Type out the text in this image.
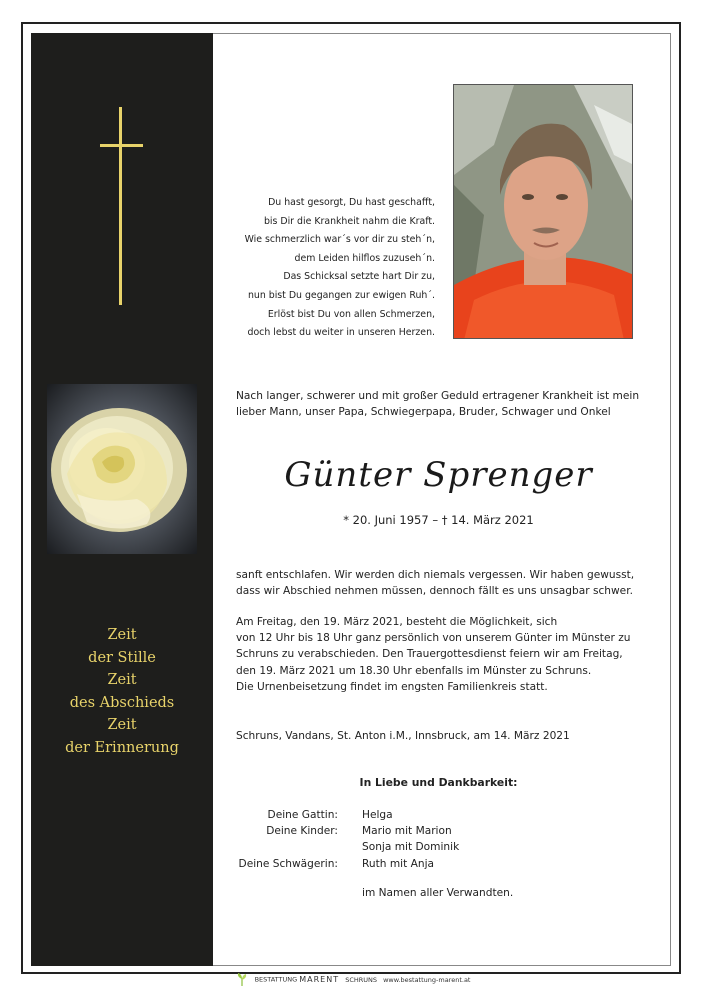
Zeit
der Stille
Zeit
des Abschieds
Zeit
der Erinnerung
Du hast gesorgt, Du hast geschafft,
bis Dir die Krankheit nahm die Kraft.
Wie schmerzlich war´s vor dir zu steh´n,
dem Leiden hilflos zuzuseh´n.
Das Schicksal setzte hart Dir zu,
nun bist Du gegangen zur ewigen Ruh´.
Erlöst bist Du von allen Schmerzen,
doch lebst du weiter in unseren Herzen.
Nach langer, schwerer und mit großer Geduld ertragener Krankheit ist mein
lieber Mann, unser Papa, Schwiegerpapa, Bruder, Schwager und Onkel
Günter Sprenger
* 20. Juni 1957 – † 14. März 2021
sanft entschlafen. Wir werden dich niemals vergessen. Wir haben gewusst,
dass wir Abschied nehmen müssen, dennoch fällt es uns unsagbar schwer.
Am Freitag, den 19. März 2021, besteht die Möglichkeit, sich
von 12 Uhr bis 18 Uhr ganz persönlich von unserem Günter im Münster zu
Schruns zu verabschieden. Den Trauergottesdienst feiern wir am Freitag,
den 19. März 2021 um 18.30 Uhr ebenfalls im Münster zu Schruns.
Die Urnenbeisetzung findet im engsten Familienkreis statt.
Schruns, Vandans, St. Anton i.M., Innsbruck, am 14. März 2021
In Liebe und Dankbarkeit:
Deine Gattin:
Deine Kinder:

Deine Schwägerin:
Helga
Mario mit Marion
Sonja mit Dominik
Ruth mit Anja
im Namen aller Verwandten.
BESTATTUNG MARENT SCHRUNS www.bestattung-marent.at
